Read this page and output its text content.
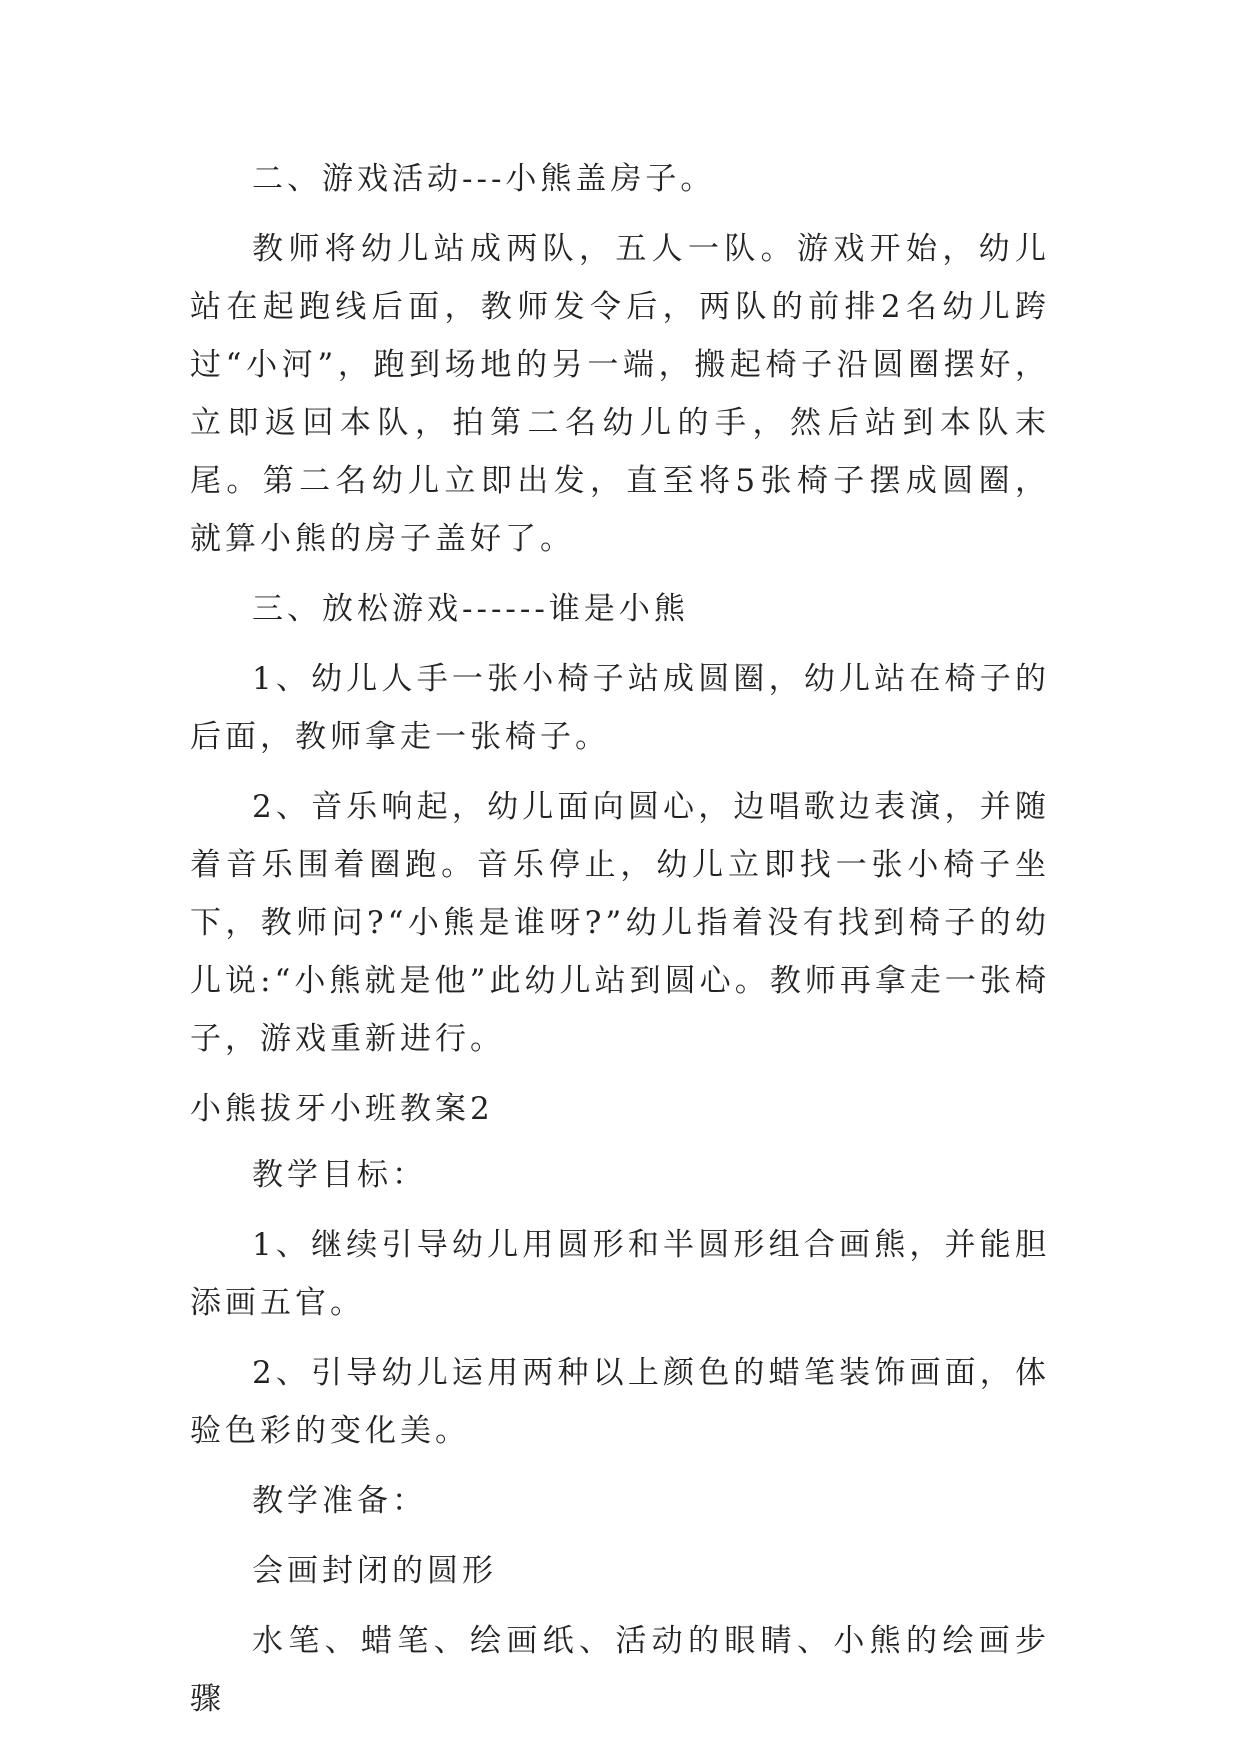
二、游戏活动---小熊盖房子。

教师将幼儿站成两队，五人一队。游戏开始，幼儿站在起跑线后面，教师发令后，两队的前排2名幼儿跨过“小河”，跑到场地的另一端，搬起椅子沿圆圈摆好，立即返回本队，拍第二名幼儿的手，然后站到本队末尾。第二名幼儿立即出发，直至将5张椅子摆成圆圈，就算小熊的房子盖好了。

三、放松游戏------谁是小熊

1、幼儿人手一张小椅子站成圆圈，幼儿站在椅子的后面，教师拿走一张椅子。

2、音乐响起，幼儿面向圆心，边唱歌边表演，并随着音乐围着圈跑。音乐停止，幼儿立即找一张小椅子坐下，教师问?“小熊是谁呀?”幼儿指着没有找到椅子的幼儿说:“小熊就是他”此幼儿站到圆心。教师再拿走一张椅子，游戏重新进行。

小熊拔牙小班教案2

教学目标：

1、继续引导幼儿用圆形和半圆形组合画熊，并能胆添画五官。

2、引导幼儿运用两种以上颜色的蜡笔装饰画面，体验色彩的变化美。

教学准备：

会画封闭的圆形

水笔、蜡笔、绘画纸、活动的眼睛、小熊的绘画步骤
